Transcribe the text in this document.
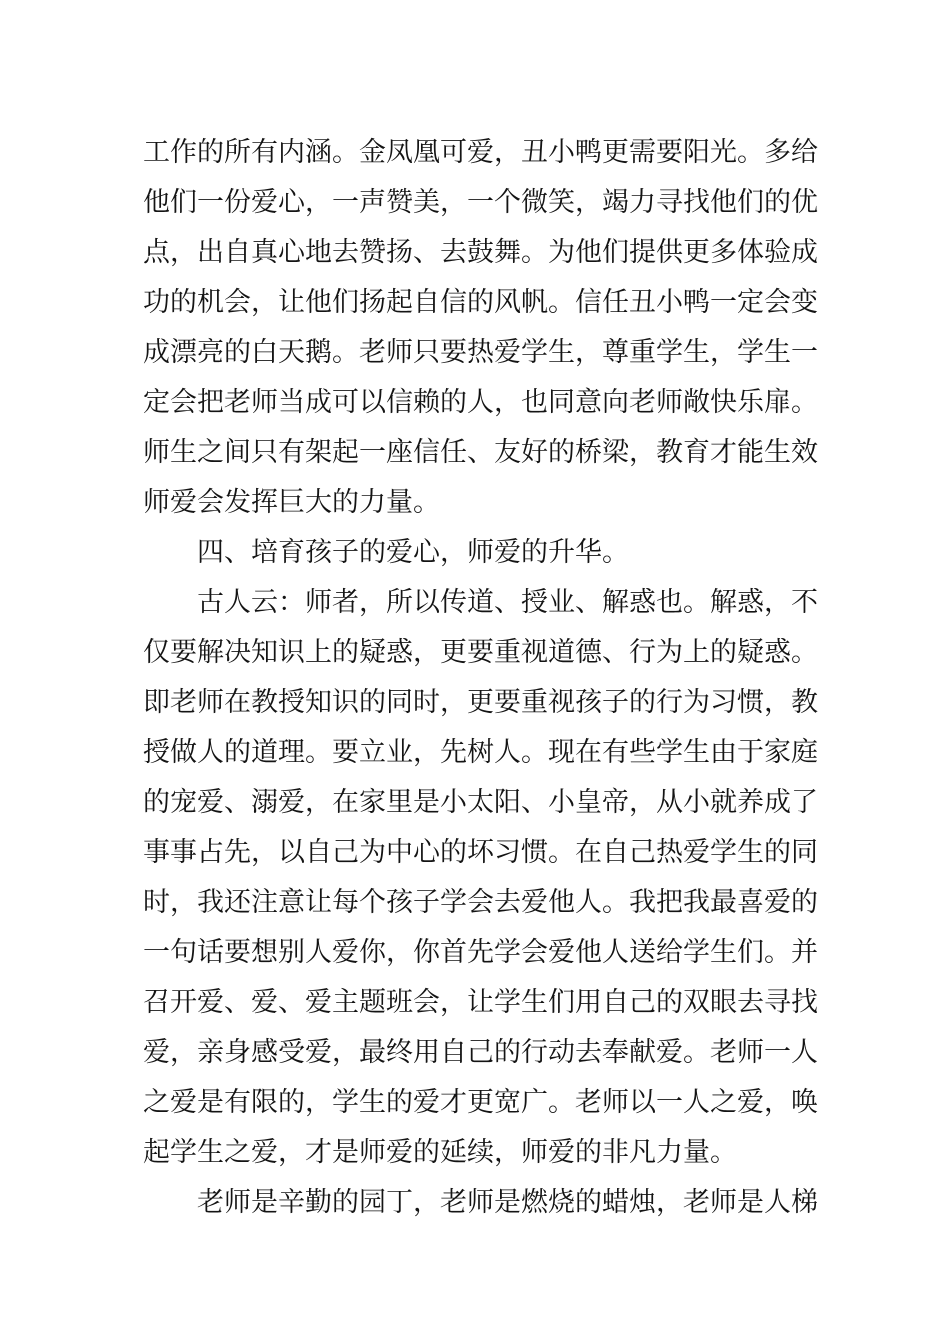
工作的所有内涵。金凤凰可爱，丑小鸭更需要阳光。多给
他们一份爱心，一声赞美，一个微笑，竭力寻找他们的优
点，出自真心地去赞扬、去鼓舞。为他们提供更多体验成
功的机会，让他们扬起自信的风帆。信任丑小鸭一定会变
成漂亮的白天鹅。老师只要热爱学生，尊重学生，学生一
定会把老师当成可以信赖的人，也同意向老师敞快乐扉。
师生之间只有架起一座信任、友好的桥梁，教育才能生效
师爱会发挥巨大的力量。
四、培育孩子的爱心，师爱的升华。
古人云：师者，所以传道、授业、解惑也。解惑，不
仅要解决知识上的疑惑，更要重视道德、行为上的疑惑。
即老师在教授知识的同时，更要重视孩子的行为习惯，教
授做人的道理。要立业，先树人。现在有些学生由于家庭
的宠爱、溺爱，在家里是小太阳、小皇帝，从小就养成了
事事占先，以自己为中心的坏习惯。在自己热爱学生的同
时，我还注意让每个孩子学会去爱他人。我把我最喜爱的
一句话要想别人爱你，你首先学会爱他人送给学生们。并
召开爱、爱、爱主题班会，让学生们用自己的双眼去寻找
爱，亲身感受爱，最终用自己的行动去奉献爱。老师一人
之爱是有限的，学生的爱才更宽广。老师以一人之爱，唤
起学生之爱，才是师爱的延续，师爱的非凡力量。
老师是辛勤的园丁，老师是燃烧的蜡烛，老师是人梯
